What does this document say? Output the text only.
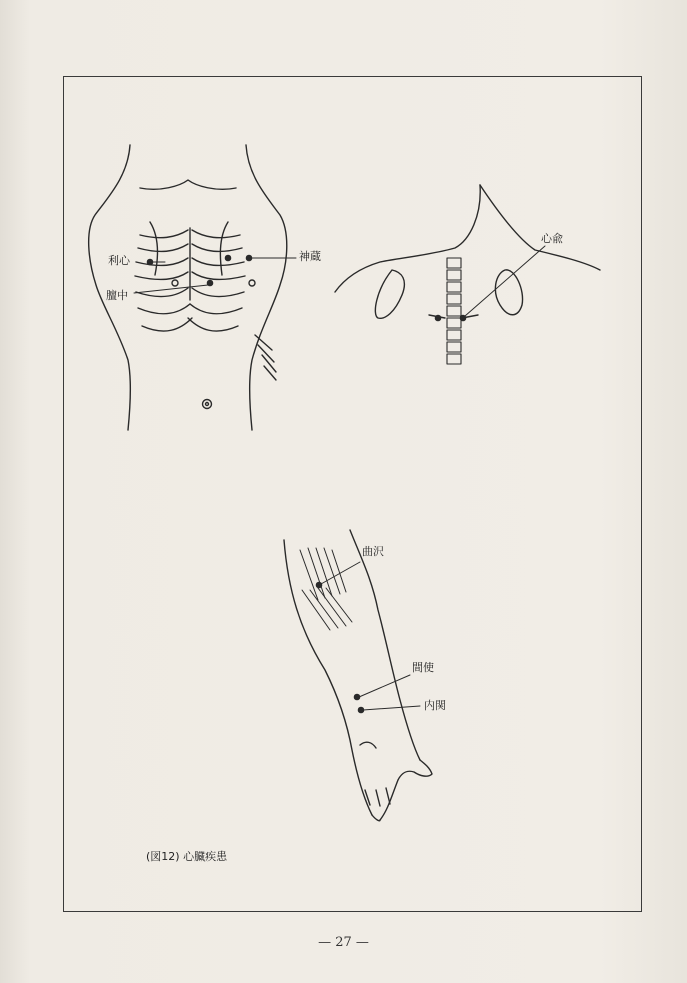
利心	神蔵
膻中
心兪
曲沢
間使
内関
(図12) 心臓疾患
— 27 —
